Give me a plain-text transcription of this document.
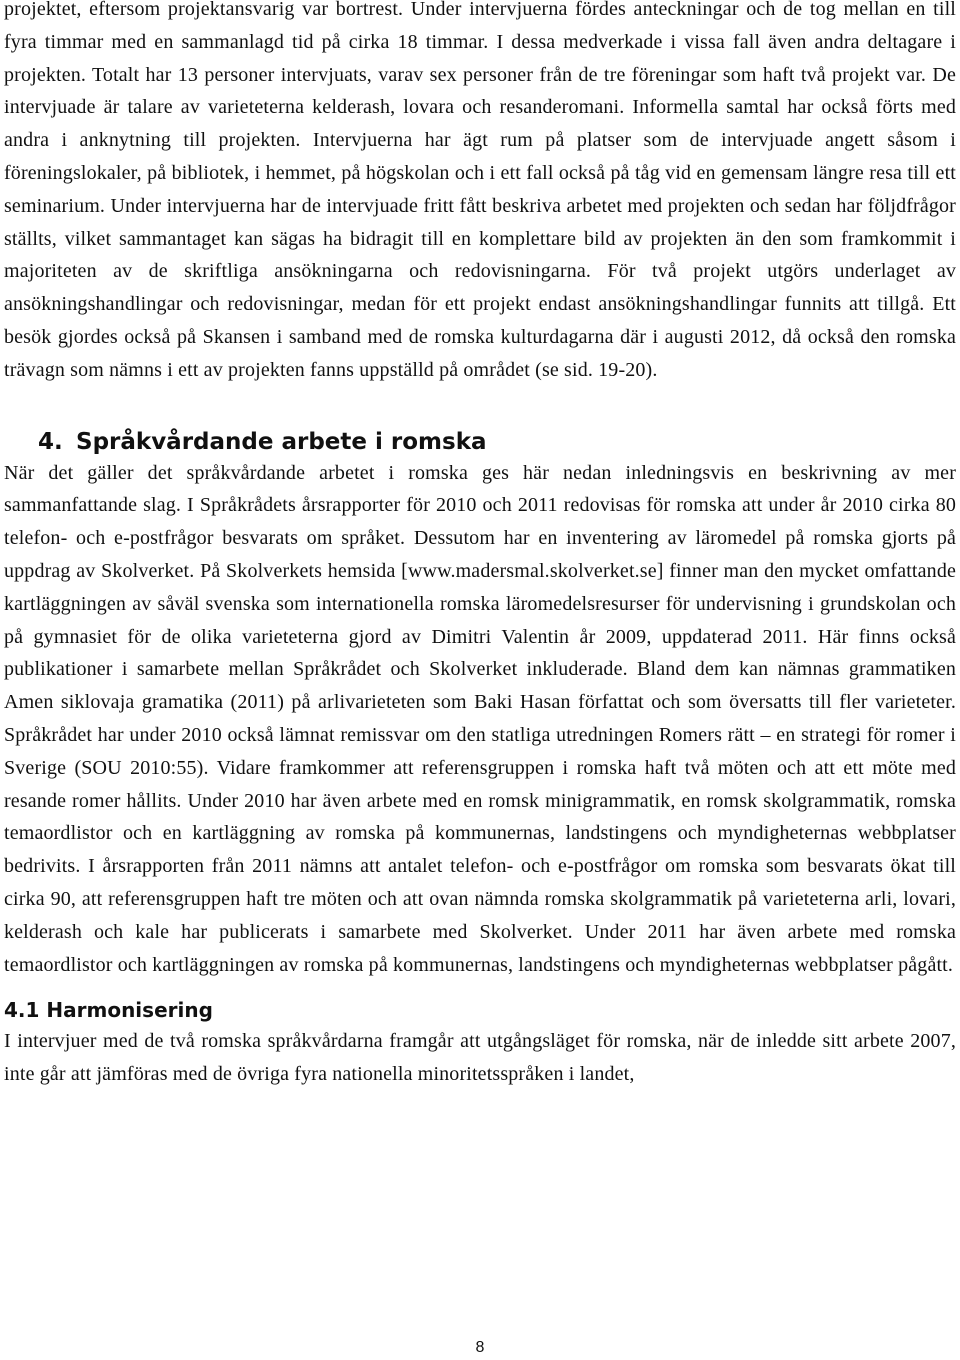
projektet, eftersom projektansvarig var bortrest. Under intervjuerna fördes anteckningar och de tog mellan en till fyra timmar med en sammanlagd tid på cirka 18 timmar. I dessa medverkade i vissa fall även andra deltagare i projekten. Totalt har 13 personer intervjuats, varav sex personer från de tre föreningar som haft två projekt var. De intervjuade är talare av varieteterna kelderash, lovara och resanderomani. Informella samtal har också förts med andra i anknytning till projekten. Intervjuerna har ägt rum på platser som de intervjuade angett såsom i föreningslokaler, på bibliotek, i hemmet, på högskolan och i ett fall också på tåg vid en gemensam längre resa till ett seminarium. Under intervjuerna har de intervjuade fritt fått beskriva arbetet med projekten och sedan har följdfrågor ställts, vilket sammantaget kan sägas ha bidragit till en komplettare bild av projekten än den som framkommit i majoriteten av de skriftliga ansökningarna och redovisningarna. För två projekt utgörs underlaget av ansökningshandlingar och redovisningar, medan för ett projekt endast ansökningshandlingar funnits att tillgå. Ett besök gjordes också på Skansen i samband med de romska kulturdagarna där i augusti 2012, då också den romska trävagn som nämns i ett av projekten fanns uppställd på området (se sid. 19-20).

4. Språkvårdande arbete i romska

När det gäller det språkvårdande arbetet i romska ges här nedan inledningsvis en beskrivning av mer sammanfattande slag. I Språkrådets årsrapporter för 2010 och 2011 redovisas för romska att under år 2010 cirka 80 telefon- och e-postfrågor besvarats om språket. Dessutom har en inventering av läromedel på romska gjorts på uppdrag av Skolverket. På Skolverkets hemsida [www.madersmal.skolverket.se] finner man den mycket omfattande kartläggningen av såväl svenska som internationella romska läromedelsresurser för undervisning i grundskolan och på gymnasiet för de olika varieteterna gjord av Dimitri Valentin år 2009, uppdaterad 2011. Här finns också publikationer i samarbete mellan Språkrådet och Skolverket inkluderade. Bland dem kan nämnas grammatiken Amen siklovaja gramatika (2011) på arlivarieteten som Baki Hasan författat och som översatts till fler varieteter. Språkrådet har under 2010 också lämnat remissvar om den statliga utredningen Romers rätt – en strategi för romer i Sverige (SOU 2010:55). Vidare framkommer att referensgruppen i romska haft två möten och att ett möte med resande romer hållits. Under 2010 har även arbete med en romsk minigrammatik, en romsk skolgrammatik, romska temaordlistor och en kartläggning av romska på kommunernas, landstingens och myndigheternas webbplatser bedrivits. I årsrapporten från 2011 nämns att antalet telefon- och e-postfrågor om romska som besvarats ökat till cirka 90, att referensgruppen haft tre möten och att ovan nämnda romska skolgrammatik på varieteterna arli, lovari, kelderash och kale har publicerats i samarbete med Skolverket. Under 2011 har även arbete med romska temaordlistor och kartläggningen av romska på kommunernas, landstingens och myndigheternas webbplatser pågått.

4.1 Harmonisering

I intervjuer med de två romska språkvårdarna framgår att utgångsläget för romska, när de inledde sitt arbete 2007, inte går att jämföras med de övriga fyra nationella minoritetsspråken i landet,

8
